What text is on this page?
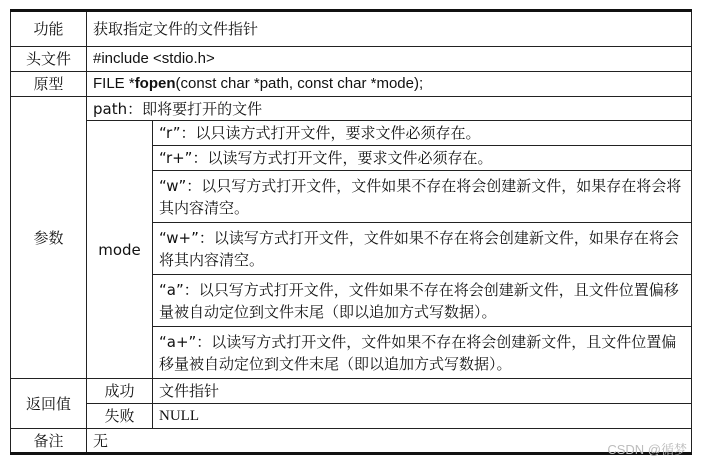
功能	获取指定文件的文件指针	
头文件	#include <stdio.h>	
原型	FILE *fopen(const char *path, const char *mode);	
参数	path：即将要打开的文件	
	mode	“r”：以只读方式打开文件，要求文件必须存在。
		“r+”：以读写方式打开文件，要求文件必须存在。
		“w”：以只写方式打开文件，文件如果不存在将会创建新文件，如果存在将会将其内容清空。
		“w+”：以读写方式打开文件，文件如果不存在将会创建新文件，如果存在将会将其内容清空。
		“a”：以只写方式打开文件，文件如果不存在将会创建新文件，且文件位置偏移量被自动定位到文件末尾（即以追加方式写数据）。
		“a+”：以读写方式打开文件，文件如果不存在将会创建新文件，且文件位置偏移量被自动定位到文件末尾（即以追加方式写数据）。
返回值	成功	文件指针
	失败	NULL
备注	无		CSDN @循梦
